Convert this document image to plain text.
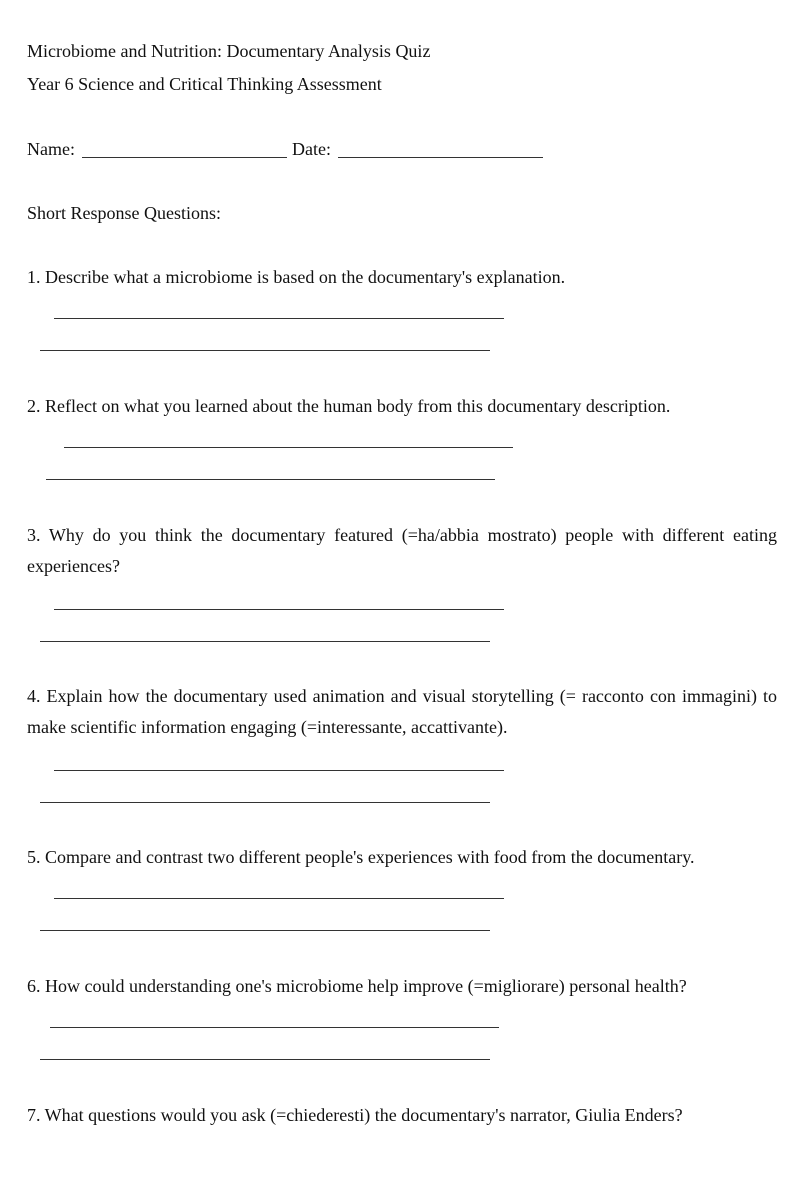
Microbiome and Nutrition: Documentary Analysis Quiz
Year 6 Science and Critical Thinking Assessment
Name:	Date:
Short Response Questions:
1. Describe what a microbiome is based on the documentary's explanation.
2. Reflect on what you learned about the human body from this documentary description.
3. Why do you think the documentary featured (=ha/abbia mostrato) people with different eating experiences?
4. Explain how the documentary used animation and visual storytelling (= racconto con immagini) to make scientific information engaging (=interessante, accattivante).
5. Compare and contrast two different people's experiences with food from the documentary.
6. How could understanding one's microbiome help improve (=migliorare) personal health?
7. What questions would you ask (=chiederesti) the documentary's narrator, Giulia Enders?
